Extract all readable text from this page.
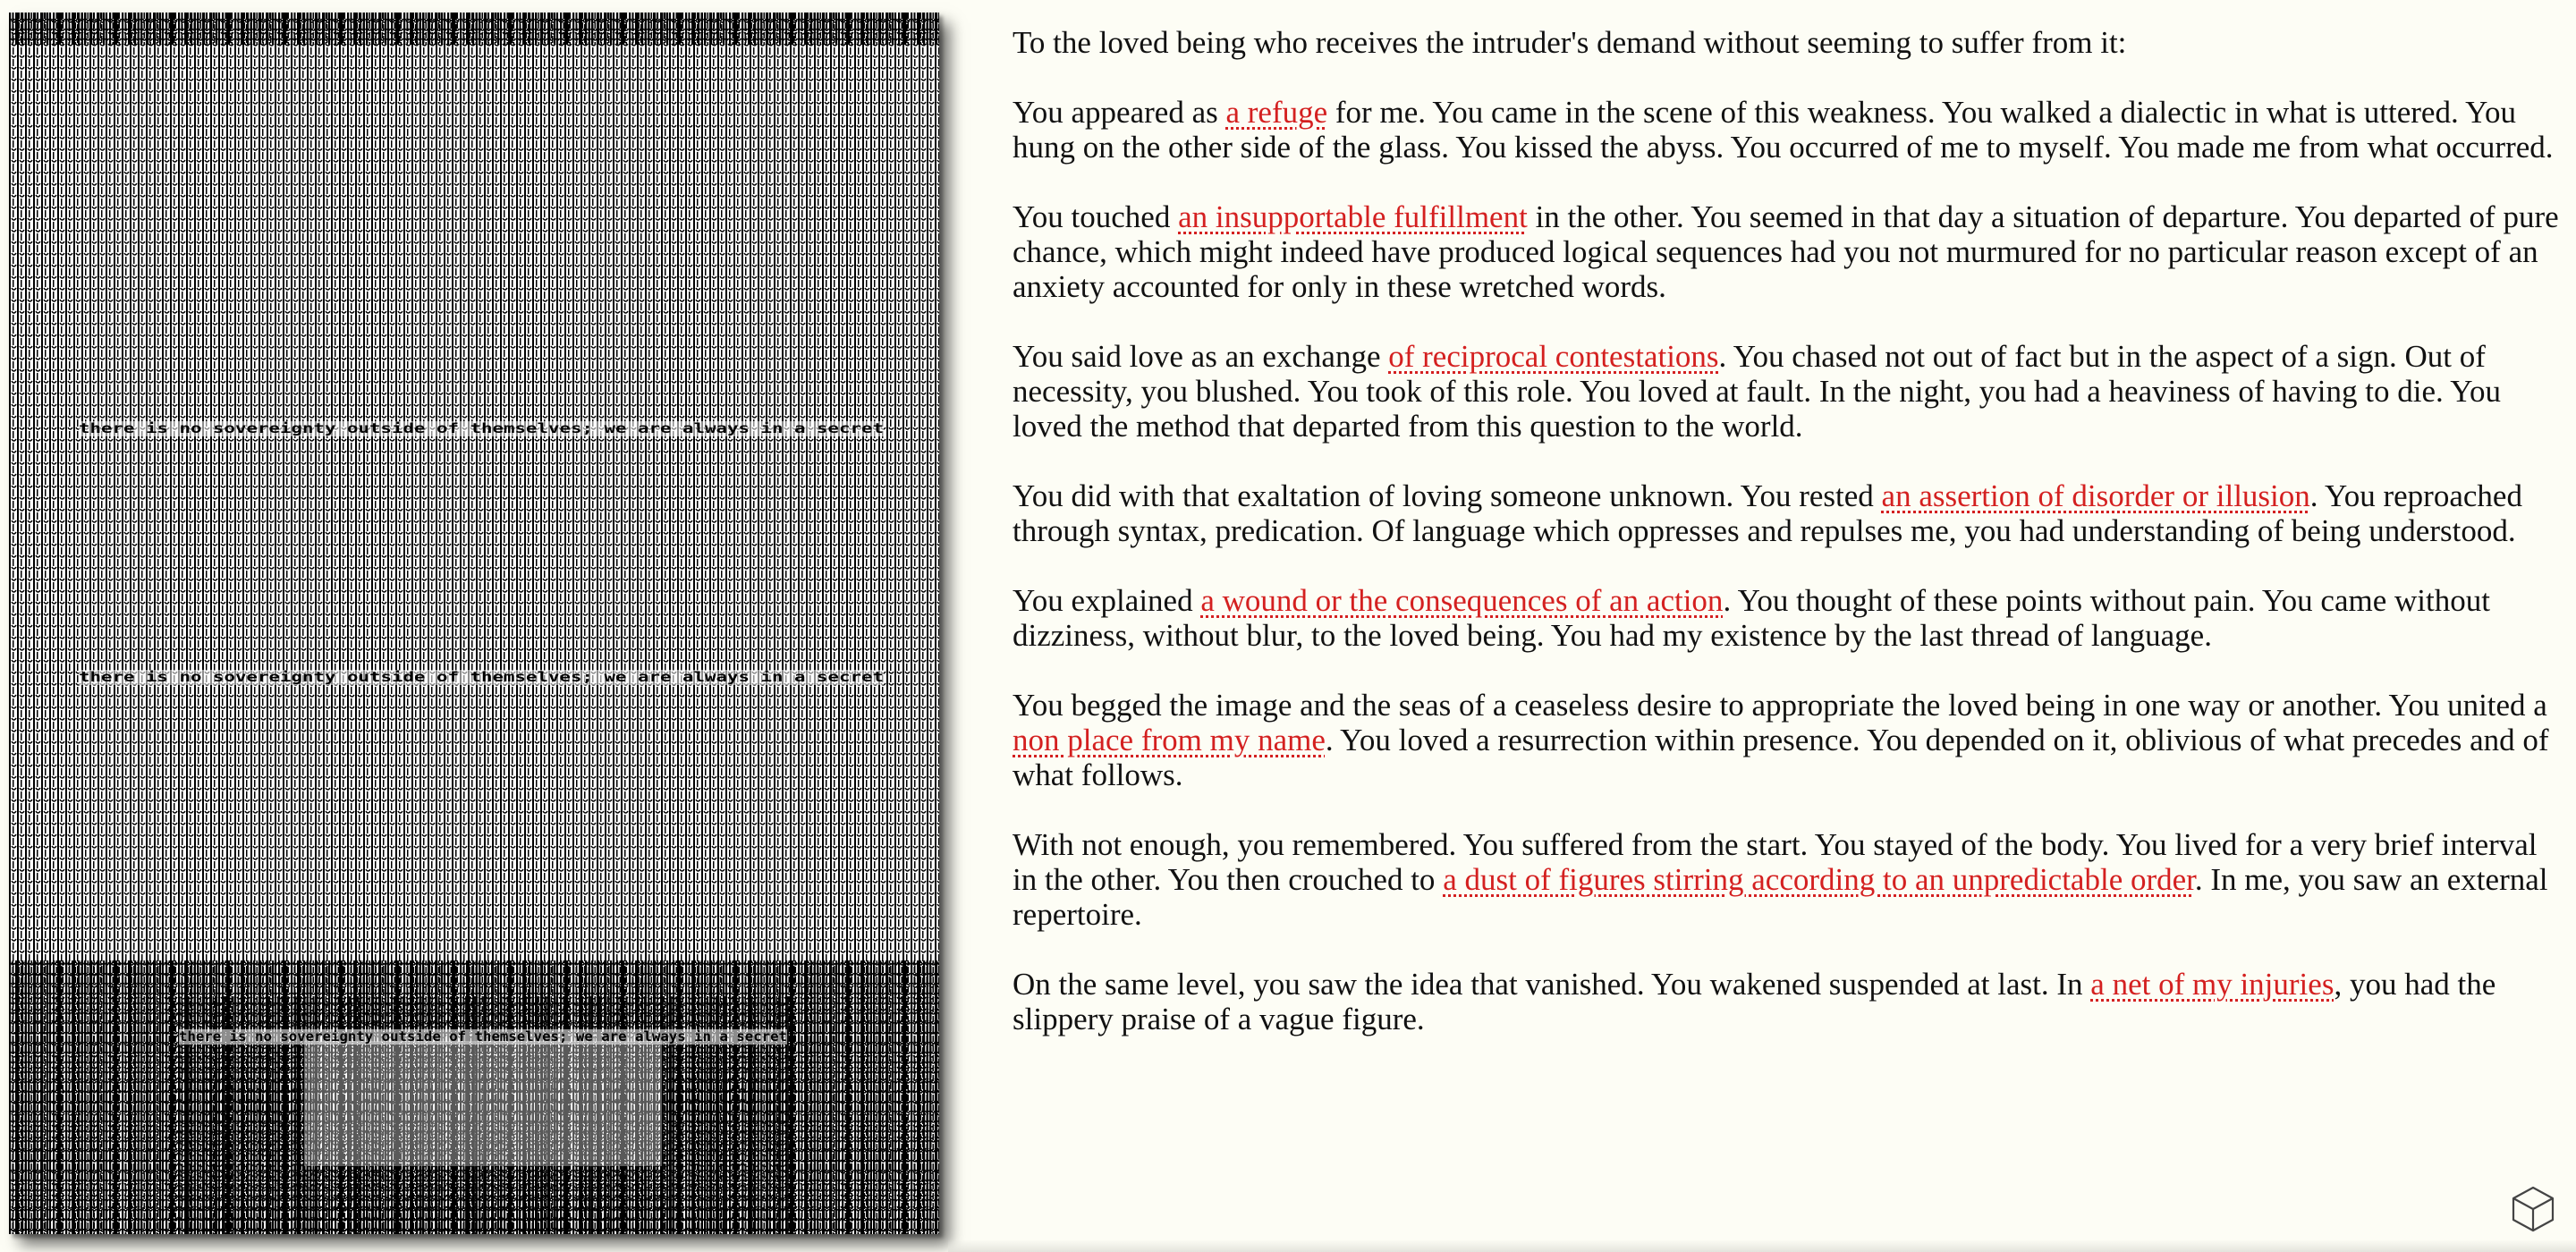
there is no sovereignty outside of themselves; we are always in a secret
there is no sovereignty outside of themselves; we are always in a secret
there is no sovereignty outside of themselves; we are always in a secret

To the loved being who receives the intruder's demand without seeming to suffer from it:

You appeared as a refuge for me. You came in the scene of this weakness. You walked a dialectic in what is uttered. You hung on the other side of the glass. You kissed the abyss. You occurred of me to myself. You made me from what occurred.

You touched an insupportable fulfillment in the other. You seemed in that day a situation of departure. You departed of pure chance, which might indeed have produced logical sequences had you not murmured for no particular reason except of an anxiety accounted for only in these wretched words.

You said love as an exchange of reciprocal contestations. You chased not out of fact but in the aspect of a sign. Out of necessity, you blushed. You took of this role. You loved at fault. In the night, you had a heaviness of having to die. You loved the method that departed from this question to the world.

You did with that exaltation of loving someone unknown. You rested an assertion of disorder or illusion. You reproached through syntax, predication. Of language which oppresses and repulses me, you had understanding of being understood.

You explained a wound or the consequences of an action. You thought of these points without pain. You came without dizziness, without blur, to the loved being. You had my existence by the last thread of language.

You begged the image and the seas of a ceaseless desire to appropriate the loved being in one way or another. You united a non place from my name. You loved a resurrection within presence. You depended on it, oblivious of what precedes and of what follows.

With not enough, you remembered. You suffered from the start. You stayed of the body. You lived for a very brief interval in the other. You then crouched to a dust of figures stirring according to an unpredictable order. In me, you saw an external repertoire.

On the same level, you saw the idea that vanished. You wakened suspended at last. In a net of my injuries, you had the slippery praise of a vague figure.
